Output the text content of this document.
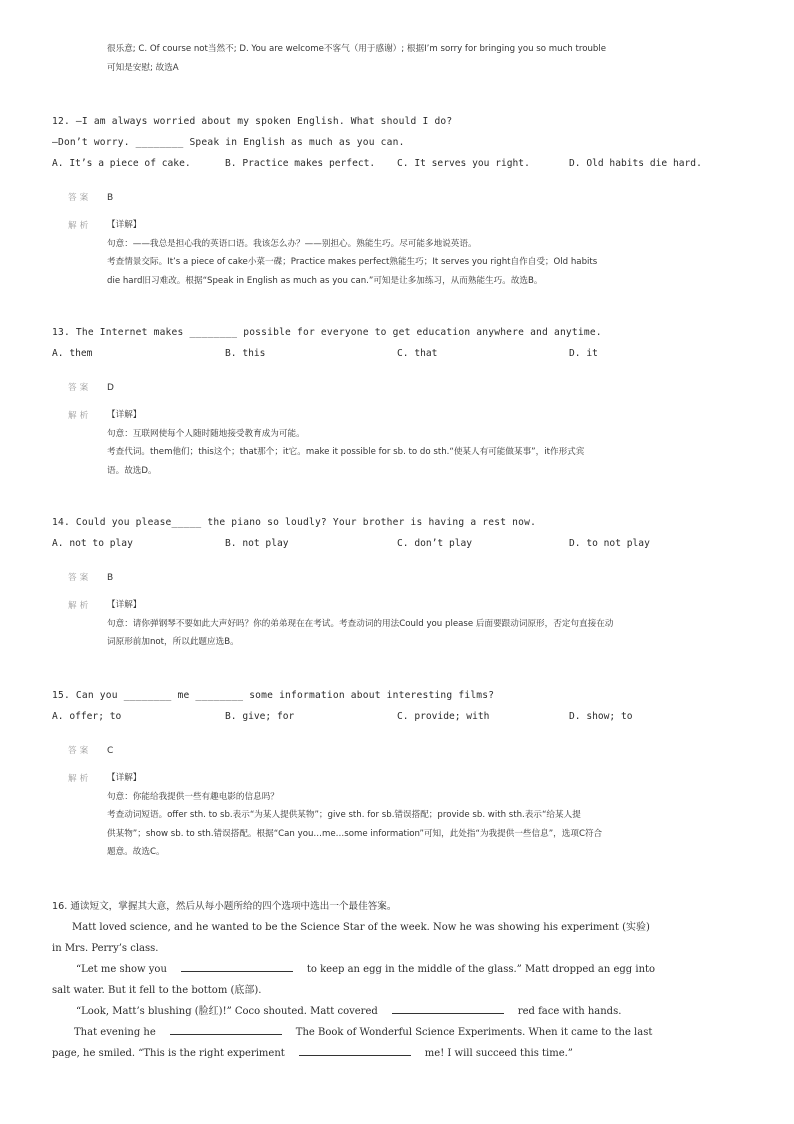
很乐意; C. Of course not当然不; D. You are welcome不客气（用于感谢）; 根据I’m sorry for bringing you so much trouble
可知是安慰; 故选A
12. —I am always worried about my spoken English. What should I do?
—Don’t worry. ________ Speak in English as much as you can.
A. It’s a piece of cake.	B. Practice makes perfect. C. It serves you right.	D. Old habits die hard.
答案 B
解析 【详解】
句意：——我总是担心我的英语口语。我该怎么办？——别担心。熟能生巧。尽可能多地说英语。
考查情景交际。It’s a piece of cake小菜一碟；Practice makes perfect熟能生巧；It serves you right自作自受；Old habits
die hard旧习难改。根据“Speak in English as much as you can.”可知是让多加练习，从而熟能生巧。故选B。
13. The Internet makes ________ possible for everyone to get education anywhere and anytime.
A. them	B. this	C. that	D. it
答案 D
解析 【详解】
句意：互联网使每个人随时随地接受教育成为可能。
考查代词。them他们；this这个；that那个；it它。make it possible for sb. to do sth.“使某人有可能做某事”，it作形式宾
语。故选D。
14. Could you please_____ the piano so loudly? Your brother is having a rest now.
A. not to play	B. not play	C. don’t play	D. to not play
答案 B
解析 【详解】
句意：请你弹钢琴不要如此大声好吗？你的弟弟现在在考试。考查动词的用法Could you please 后面要跟动词原形，否定句直接在动
词原形前加not，所以此题应选B。
15. Can you ________ me ________ some information about interesting films?
A. offer; to	B. give; for	C. provide; with	D. show; to
答案 C
解析 【详解】
句意：你能给我提供一些有趣电影的信息吗？
考查动词短语。offer sth. to sb.表示“为某人提供某物”；give sth. for sb.错误搭配；provide sb. with sth.表示“给某人提
供某物”；show sb. to sth.错误搭配。根据“Can you…me…some information”可知，此处指“为我提供一些信息”，选项C符合
题意。故选C。
16. 通读短文，掌握其大意，然后从每小题所给的四个选项中选出一个最佳答案。
Matt loved science, and he wanted to be the Science Star of the week. Now he was showing his experiment (实验)
in Mrs. Perry’s class.
“Let me show you	to keep an egg in the middle of the glass.” Matt dropped an egg into
salt water. But it fell to the bottom (底部).
“Look, Matt’s blushing (脸红)!” Coco shouted. Matt covered	red face with hands.
That evening he	The Book of Wonderful Science Experiments. When it came to the last
page, he smiled. “This is the right experiment	me! I will succeed this time.”
